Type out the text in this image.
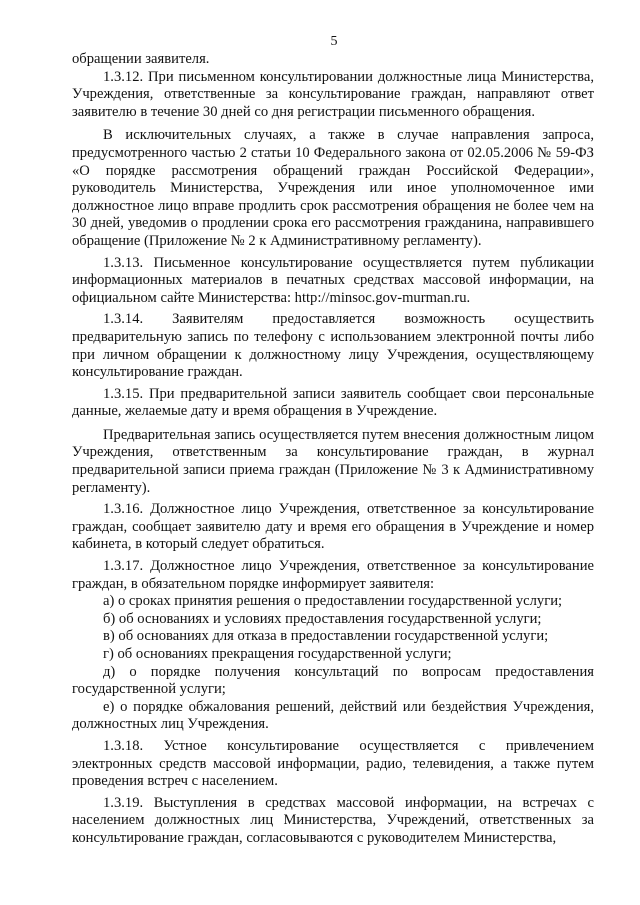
5

обращении заявителя.

1.3.12. При письменном консультировании должностные лица Министерства, Учреждения, ответственные за консультирование граждан, направляют ответ заявителю в течение 30 дней со дня регистрации письменного обращения.

В исключительных случаях, а также в случае направления запроса, предусмотренного частью 2 статьи 10 Федерального закона от 02.05.2006 № 59-ФЗ «О порядке рассмотрения обращений граждан Российской Федерации», руководитель Министерства, Учреждения или иное уполномоченное ими должностное лицо вправе продлить срок рассмотрения обращения не более чем на 30 дней, уведомив о продлении срока его рассмотрения гражданина, направившего обращение (Приложение № 2 к Административному регламенту).

1.3.13. Письменное консультирование осуществляется путем публикации информационных материалов в печатных средствах массовой информации, на официальном сайте Министерства: http://minsoc.gov-murman.ru.

1.3.14. Заявителям предоставляется возможность осуществить предварительную запись по телефону с использованием электронной почты либо при личном обращении к должностному лицу Учреждения, осуществляющему консультирование граждан.

1.3.15. При предварительной записи заявитель сообщает свои персональные данные, желаемые дату и время обращения в Учреждение.

Предварительная запись осуществляется путем внесения должностным лицом Учреждения, ответственным за консультирование граждан, в журнал предварительной записи приема граждан (Приложение № 3 к Административному регламенту).

1.3.16. Должностное лицо Учреждения, ответственное за консультирование граждан, сообщает заявителю дату и время его обращения в Учреждение и номер кабинета, в который следует обратиться.

1.3.17. Должностное лицо Учреждения, ответственное за консультирование граждан, в обязательном порядке информирует заявителя:

а) о сроках принятия решения о предоставлении государственной услуги;

б) об основаниях и условиях предоставления государственной услуги;

в) об основаниях для отказа в предоставлении государственной услуги;

г) об основаниях прекращения государственной услуги;

д) о порядке получения консультаций по вопросам предоставления государственной услуги;

е) о порядке обжалования решений, действий или бездействия Учреждения, должностных лиц Учреждения.

1.3.18. Устное консультирование осуществляется с привлечением электронных средств массовой информации, радио, телевидения, а также путем проведения встреч с населением.

1.3.19. Выступления в средствах массовой информации, на встречах с населением должностных лиц Министерства, Учреждений, ответственных за консультирование граждан, согласовываются с руководителем Министерства,
